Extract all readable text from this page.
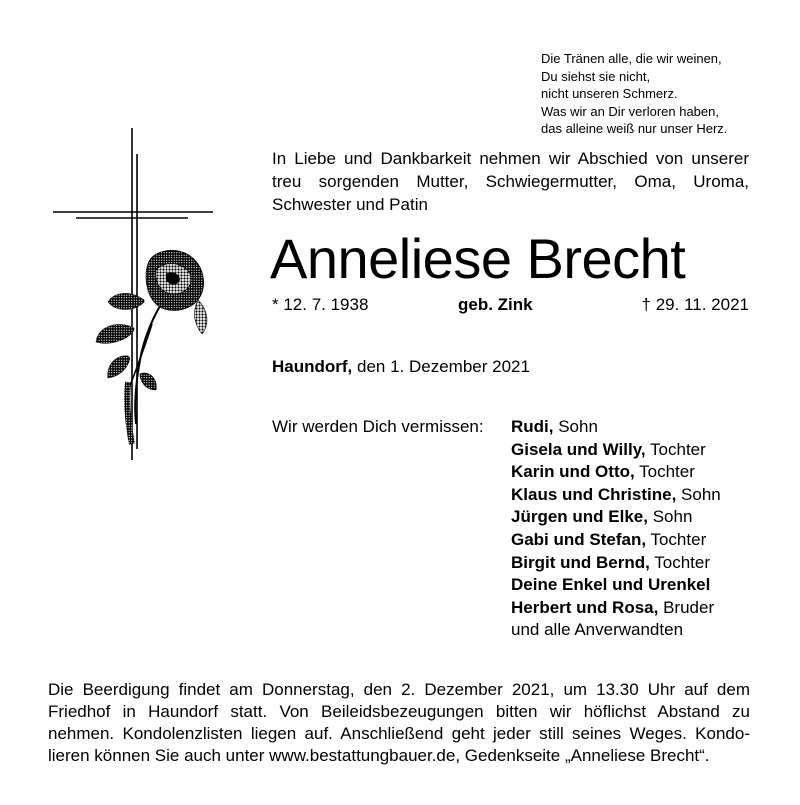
Die Tränen alle, die wir weinen,
Du siehst sie nicht,
nicht unseren Schmerz.
Was wir an Dir verloren haben,
das alleine weiß nur unser Herz.
In Liebe und Dankbarkeit nehmen wir Abschied von unserer
treu sorgenden Mutter, Schwiegermutter, Oma, Uroma,
Schwester und Patin
Anneliese Brecht
* 12. 7. 1938	geb. Zink	† 29. 11. 2021
Haundorf, den 1. Dezember 2021
Wir werden Dich vermissen: Rudi, Sohn
Gisela und Willy, Tochter
Karin und Otto, Tochter
Klaus und Christine, Sohn
Jürgen und Elke, Sohn
Gabi und Stefan, Tochter
Birgit und Bernd, Tochter
Deine Enkel und Urenkel
Herbert und Rosa, Bruder
und alle Anverwandten
Die Beerdigung findet am Donnerstag, den 2. Dezember 2021, um 13.30 Uhr auf dem
Friedhof in Haundorf statt. Von Beileidsbezeugungen bitten wir höflichst Abstand zu
nehmen. Kondolenzlisten liegen auf. Anschließend geht jeder still seines Weges. Kondo-
lieren können Sie auch unter www.bestattungbauer.de, Gedenkseite „Anneliese Brecht“.
